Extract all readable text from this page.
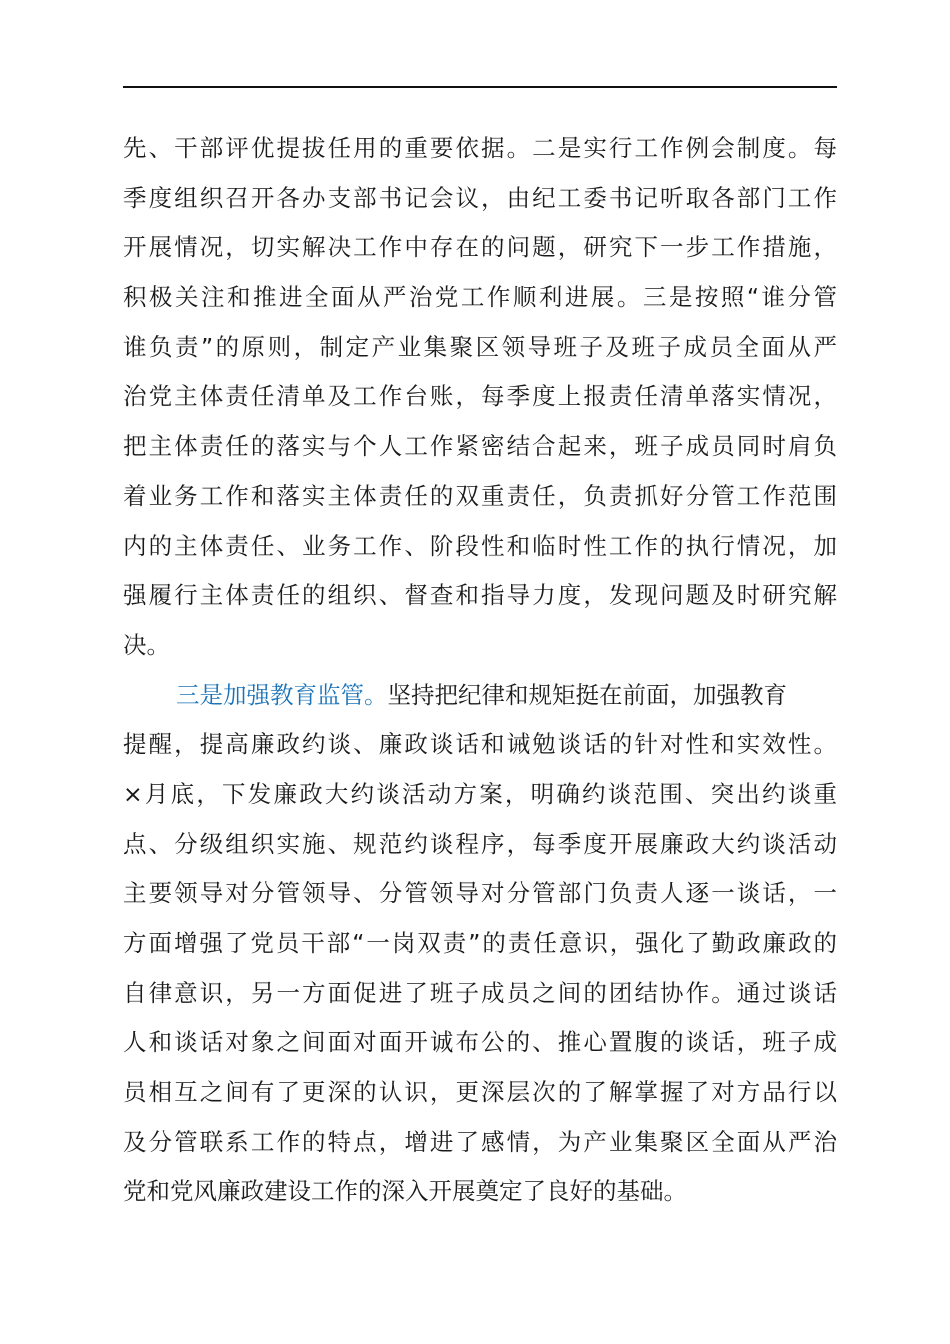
先、干部评优提拔任用的重要依据。二是实行工作例会制度。每
季度组织召开各办支部书记会议，由纪工委书记听取各部门工作
开展情况，切实解决工作中存在的问题，研究下一步工作措施，
积极关注和推进全面从严治党工作顺利进展。三是按照“谁分管
谁负责”的原则，制定产业集聚区领导班子及班子成员全面从严
治党主体责任清单及工作台账，每季度上报责任清单落实情况，
把主体责任的落实与个人工作紧密结合起来，班子成员同时肩负
着业务工作和落实主体责任的双重责任，负责抓好分管工作范围
内的主体责任、业务工作、阶段性和临时性工作的执行情况，加
强履行主体责任的组织、督查和指导力度，发现问题及时研究解
决。
三是加强教育监管。坚持把纪律和规矩挺在前面，加强教育
提醒，提高廉政约谈、廉政谈话和诫勉谈话的针对性和实效性。
×月底，下发廉政大约谈活动方案，明确约谈范围、突出约谈重
点、分级组织实施、规范约谈程序，每季度开展廉政大约谈活动
主要领导对分管领导、分管领导对分管部门负责人逐一谈话，一
方面增强了党员干部“一岗双责”的责任意识，强化了勤政廉政的
自律意识，另一方面促进了班子成员之间的团结协作。通过谈话
人和谈话对象之间面对面开诚布公的、推心置腹的谈话，班子成
员相互之间有了更深的认识，更深层次的了解掌握了对方品行以
及分管联系工作的特点，增进了感情，为产业集聚区全面从严治
党和党风廉政建设工作的深入开展奠定了良好的基础。
